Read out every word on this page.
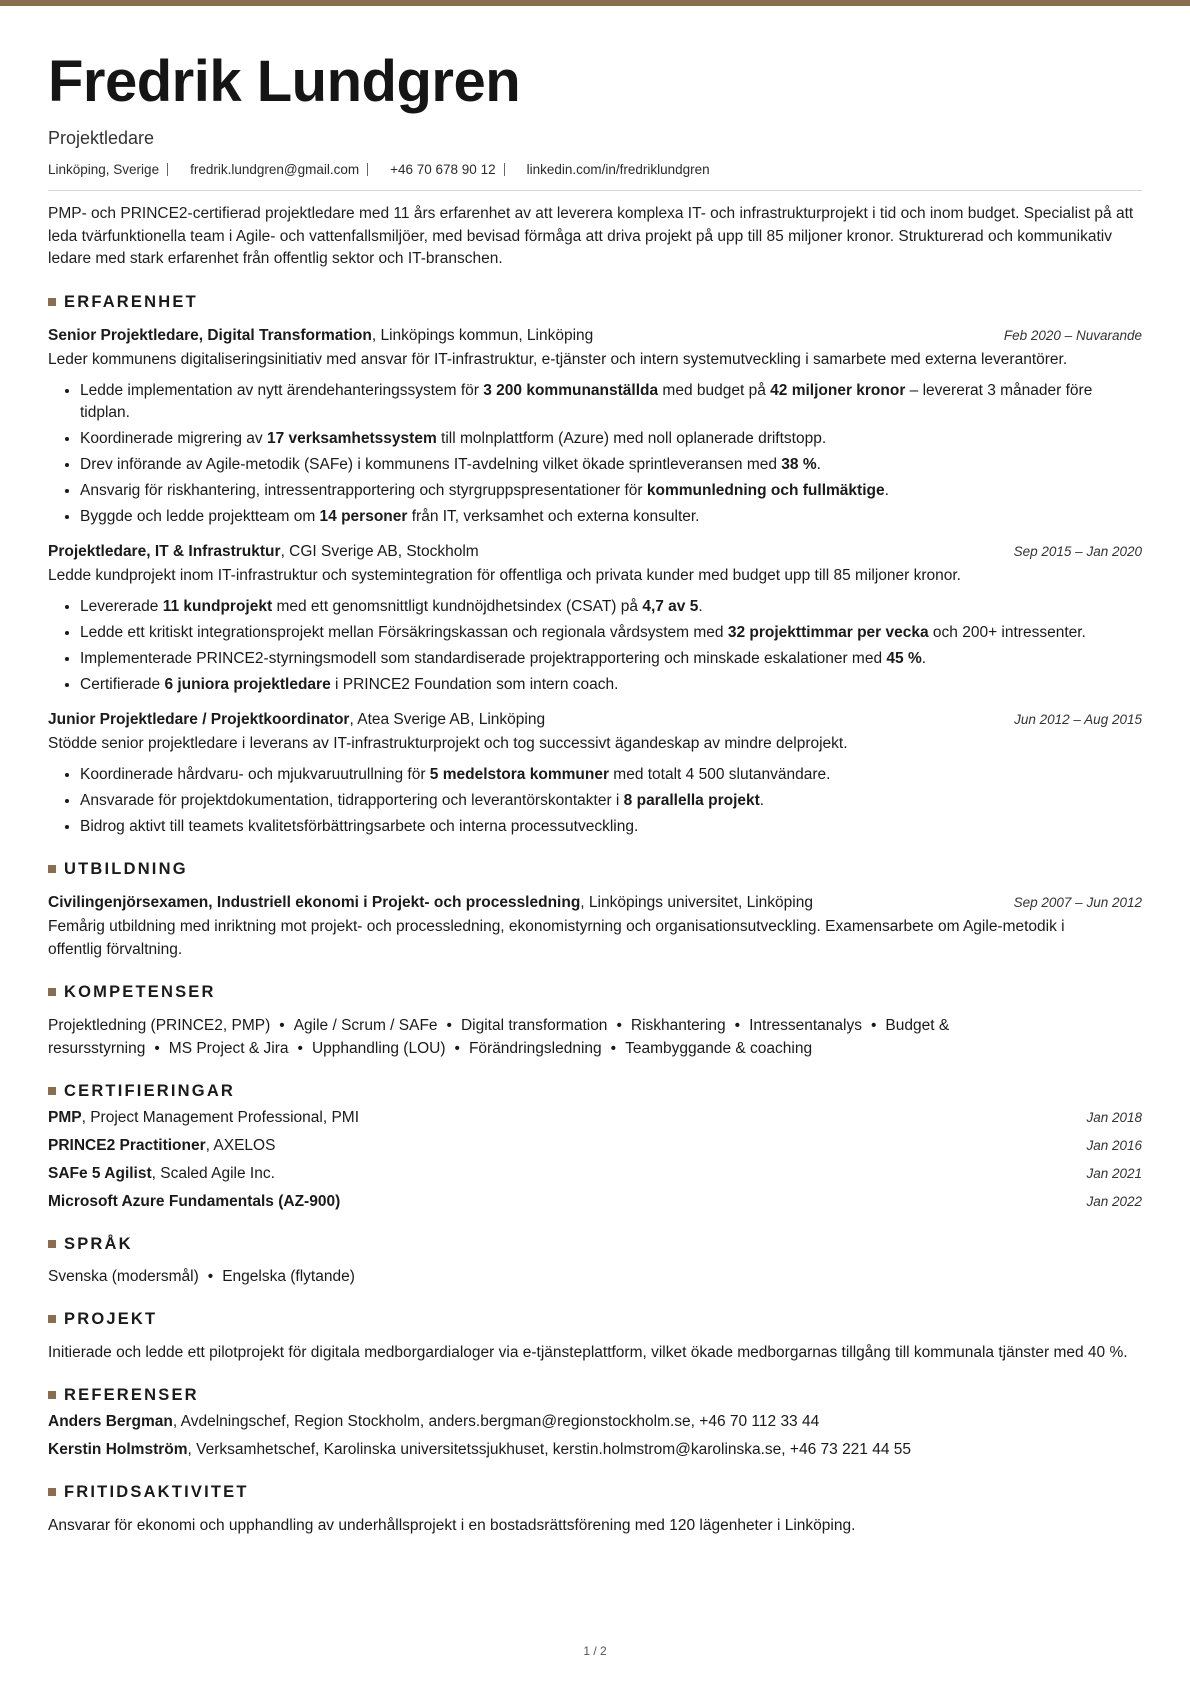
Fredrik Lundgren
Projektledare
Linköping, Sverige fredrik.lundgren@gmail.com +46 70 678 90 12 linkedin.com/in/fredriklundgren
PMP- och PRINCE2-certifierad projektledare med 11 års erfarenhet av att leverera komplexa IT- och infrastrukturprojekt i tid och inom budget. Specialist på att leda tvärfunktionella team i Agile- och vattenfallsmiljöer, med bevisad förmåga att driva projekt på upp till 85 miljoner kronor. Strukturerad och kommunikativ ledare med stark erfarenhet från offentlig sektor och IT-branschen.
ERFARENHET
Senior Projektledare, Digital Transformation, Linköpings kommun, Linköping	Feb 2020 – Nuvarande
Leder kommunens digitaliseringsinitiativ med ansvar för IT-infrastruktur, e-tjänster och intern systemutveckling i samarbete med externa leverantörer.
• Ledde implementation av nytt ärendehanteringssystem för 3 200 kommunanställda med budget på 42 miljoner kronor – levererat 3 månader före tidplan.
• Koordinerade migrering av 17 verksamhetssystem till molnplattform (Azure) med noll oplanerade driftstopp.
• Drev införande av Agile-metodik (SAFe) i kommunens IT-avdelning vilket ökade sprintleveransen med 38 %.
• Ansvarig för riskhantering, intressentrapportering och styrgruppspresentationer för kommunledning och fullmäktige.
• Byggde och ledde projektteam om 14 personer från IT, verksamhet och externa konsulter.
Projektledare, IT & Infrastruktur, CGI Sverige AB, Stockholm	Sep 2015 – Jan 2020
Ledde kundprojekt inom IT-infrastruktur och systemintegration för offentliga och privata kunder med budget upp till 85 miljoner kronor.
• Levererade 11 kundprojekt med ett genomsnittligt kundnöjdhetsindex (CSAT) på 4,7 av 5.
• Ledde ett kritiskt integrationsprojekt mellan Försäkringskassan och regionala vårdsystem med 32 projekttimmar per vecka och 200+ intressenter.
• Implementerade PRINCE2-styrningsmodell som standardiserade projektrapportering och minskade eskalationer med 45 %.
• Certifierade 6 juniora projektledare i PRINCE2 Foundation som intern coach.
Junior Projektledare / Projektkoordinator, Atea Sverige AB, Linköping	Jun 2012 – Aug 2015
Stödde senior projektledare i leverans av IT-infrastrukturprojekt och tog successivt ägandeskap av mindre delprojekt.
• Koordinerade hårdvaru- och mjukvaruutrullning för 5 medelstora kommuner med totalt 4 500 slutanvändare.
• Ansvarade för projektdokumentation, tidrapportering och leverantörskontakter i 8 parallella projekt.
• Bidrog aktivt till teamets kvalitetsförbättringsarbete och interna processutveckling.
UTBILDNING
Civilingenjörsexamen, Industriell ekonomi i Projekt- och processledning, Linköpings universitet, Linköping	Sep 2007 – Jun 2012
Femårig utbildning med inriktning mot projekt- och processledning, ekonomistyrning och organisationsutveckling. Examensarbete om Agile-metodik i offentlig förvaltning.
KOMPETENSER
Projektledning (PRINCE2, PMP) • Agile / Scrum / SAFe • Digital transformation • Riskhantering • Intressentanalys • Budget & resursstyrning • MS Project & Jira • Upphandling (LOU) • Förändringsledning • Teambyggande & coaching
CERTIFIERINGAR
PMP, Project Management Professional, PMI	Jan 2018
PRINCE2 Practitioner, AXELOS	Jan 2016
SAFe 5 Agilist, Scaled Agile Inc.	Jan 2021
Microsoft Azure Fundamentals (AZ-900)	Jan 2022
SPRÅK
Svenska (modersmål) • Engelska (flytande)
PROJEKT
Initierade och ledde ett pilotprojekt för digitala medborgardialoger via e-tjänsteplattform, vilket ökade medborgarnas tillgång till kommunala tjänster med 40 %.
REFERENSER
Anders Bergman, Avdelningschef, Region Stockholm, anders.bergman@regionstockholm.se, +46 70 112 33 44
Kerstin Holmström, Verksamhetschef, Karolinska universitetssjukhuset, kerstin.holmstrom@karolinska.se, +46 73 221 44 55
FRITIDSAKTIVITET
Ansvarar för ekonomi och upphandling av underhållsprojekt i en bostadsrättsförening med 120 lägenheter i Linköping.
1 / 2
